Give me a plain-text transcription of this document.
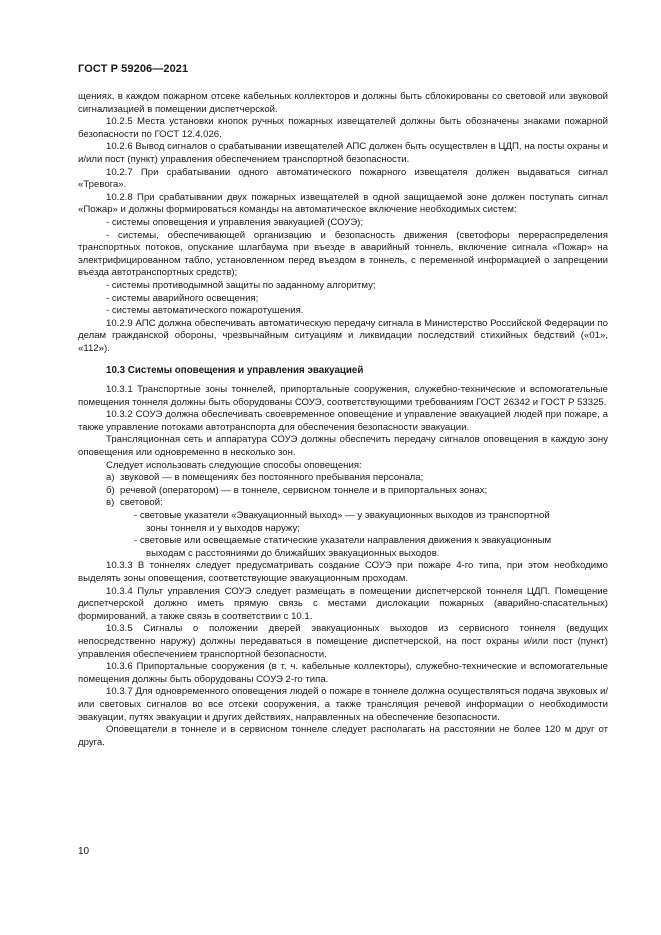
ГОСТ Р 59206—2021

щениях, в каждом пожарном отсеке кабельных коллекторов и должны быть сблокированы со световой или звуковой сигнализацией в помещении диспетчерской.

10.2.5 Места установки кнопок ручных пожарных извещателей должны быть обозначены знаками пожарной безопасности по ГОСТ 12.4.026.

10.2.6 Вывод сигналов о срабатывании извещателей АПС должен быть осуществлен в ЦДП, на посты охраны и и/или пост (пункт) управления обеспечением транспортной безопасности.

10.2.7 При срабатывании одного автоматического пожарного извещателя должен выдаваться сигнал «Тревога».

10.2.8 При срабатывании двух пожарных извещателей в одной защищаемой зоне должен поступать сигнал «Пожар» и должны формироваться команды на автоматическое включение необходимых систем:

- системы оповещения и управления эвакуацией (СОУЭ);

- системы, обеспечивающей организацию и безопасность движения (светофоры перераспределения транспортных потоков, опускание шлагбаума при въезде в аварийный тоннель, включение сигнала «Пожар» на электрифицированном табло, установленном перед въездом в тоннель, с переменной информацией о запрещении въезда автотранспортных средств);

- системы противодымной защиты по заданному алгоритму;

- системы аварийного освещения;

- системы автоматического пожаротушения.

10.2.9 АПС должна обеспечивать автоматическую передачу сигнала в Министерство Российской Федерации по делам гражданской обороны, чрезвычайным ситуациям и ликвидации последствий стихийных бедствий («01», «112»).

10.3 Системы оповещения и управления эвакуацией

10.3.1 Транспортные зоны тоннелей, припортальные сооружения, служебно-технические и вспомогательные помещения тоннеля должны быть оборудованы СОУЭ, соответствующими требованиям ГОСТ 26342 и ГОСТ Р 53325.

10.3.2 СОУЭ должна обеспечивать своевременное оповещение и управление эвакуацией людей при пожаре, а также управление потоками автотранспорта для обеспечения безопасности эвакуации.

Трансляционная сеть и аппаратура СОУЭ должны обеспечить передачу сигналов оповещения в каждую зону оповещения или одновременно в несколько зон.

Следует использовать следующие способы оповещения:

а) звуковой — в помещениях без постоянного пребывания персонала;

б) речевой (оператором) — в тоннеле, сервисном тоннеле и в припортальных зонах;

в) световой:

- световые указатели «Эвакуационный выход» — у эвакуационных выходов из транспортной

зоны тоннеля и у выходов наружу;

- световые или освещаемые статические указатели направления движения к эвакуационным

выходам с расстояниями до ближайших эвакуационных выходов.

10.3.3 В тоннелях следует предусматривать создание СОУЭ при пожаре 4-го типа, при этом необходимо выделять зоны оповещения, соответствующие эвакуационным проходам.

10.3.4 Пульт управления СОУЭ следует размещать в помещении диспетчерской тоннеля ЦДП. Помещение диспетчерской должно иметь прямую связь с местами дислокации пожарных (аварийно-спасательных) формирований, а также связь в соответствии с 10.1.

10.3.5 Сигналы о положении дверей эвакуационных выходов из сервисного тоннеля (ведущих непосредственно наружу) должны передаваться в помещение диспетчерской, на пост охраны и/или пост (пункт) управления обеспечением транспортной безопасности.

10.3.6 Припортальные сооружения (в т. ч. кабельные коллекторы), служебно-технические и вспомогательные помещения должны быть оборудованы СОУЭ 2-го типа.

10.3.7 Для одновременного оповещения людей о пожаре в тоннеле должна осуществляться подача звуковых и/или световых сигналов во все отсеки сооружения, а также трансляция речевой информации о необходимости эвакуации, путях эвакуации и других действиях, направленных на обеспечение безопасности.

Оповещатели в тоннеле и в сервисном тоннеле следует располагать на расстоянии не более 120 м друг от друга.

10
